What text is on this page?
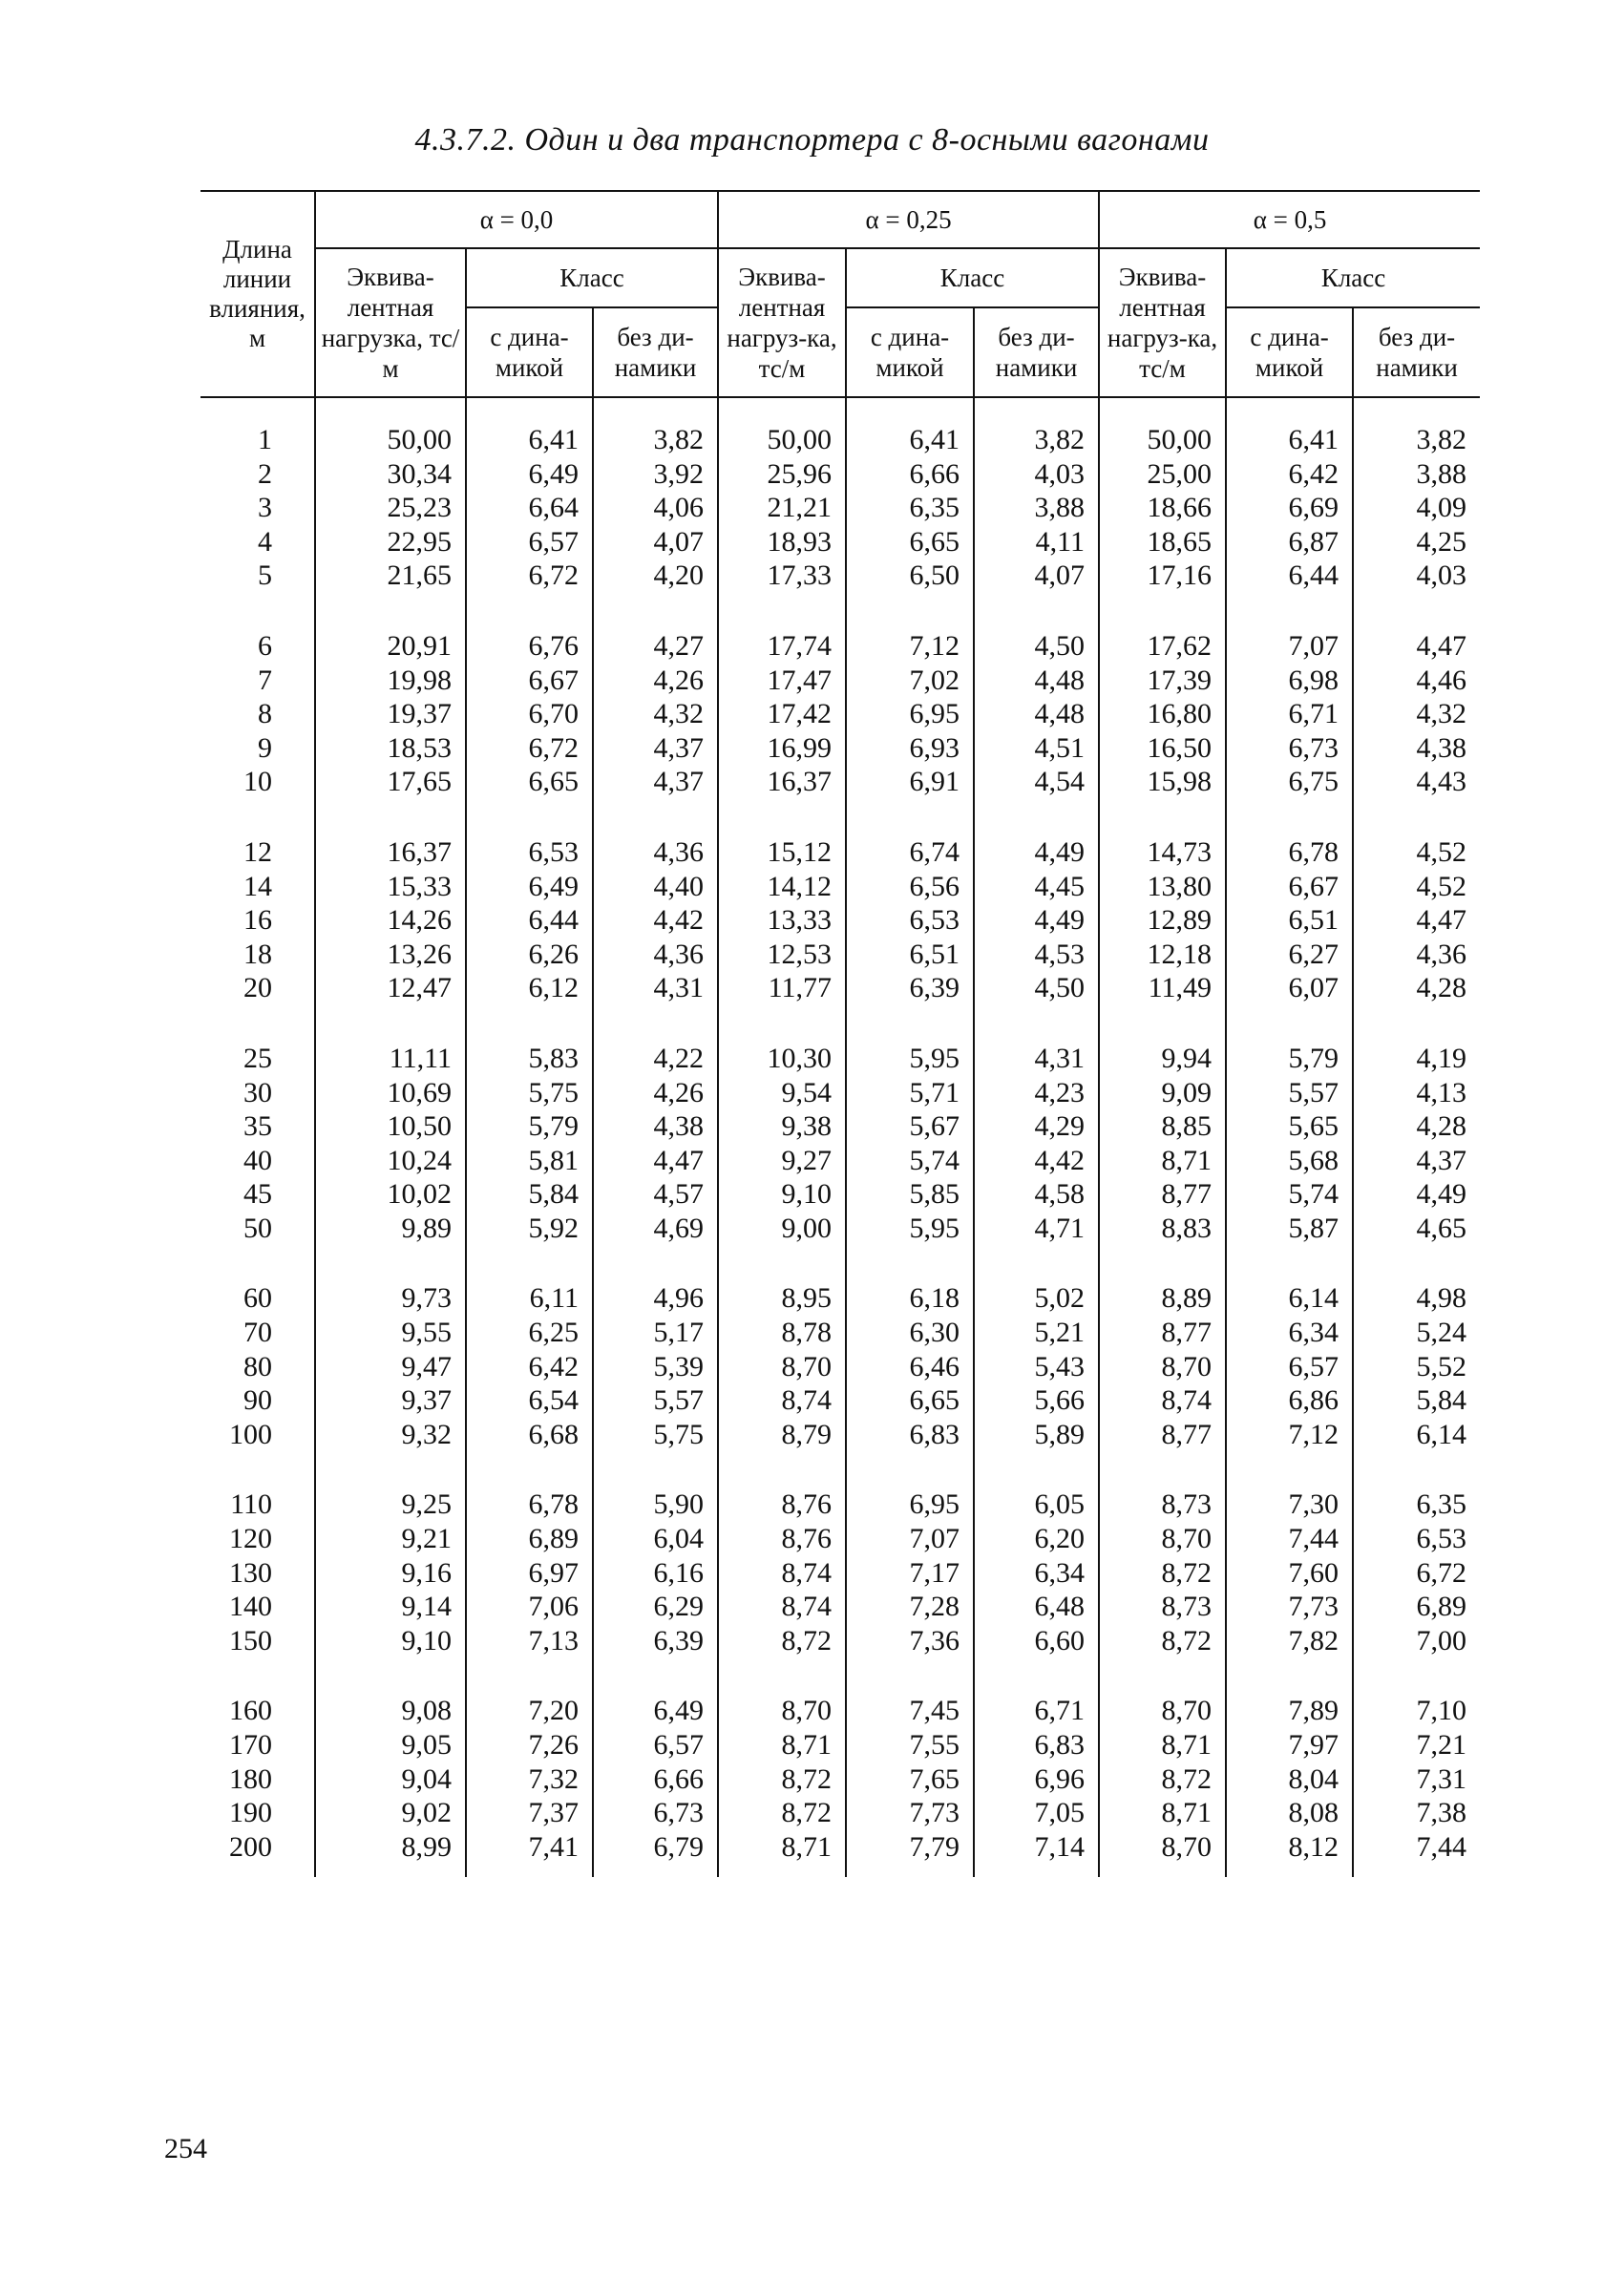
4.3.7.2. Один и два транспортера с 8-осными вагонами
Длина линии влияния, м	α = 0,0			α = 0,25			α = 0,5		
	Эквива-лентная нагрузка, тс/м	Класс		Эквива-лентная нагруз-ка, тс/м	Класс		Эквива-лентная нагруз-ка, тс/м	Класс	
		с дина-микой	без ди-намики		с дина-микой	без ди-намики		с дина-микой	без ди-намики
1	50,00	6,41	3,82	50,00	6,41	3,82	50,00	6,41	3,82
2	30,34	6,49	3,92	25,96	6,66	4,03	25,00	6,42	3,88
3	25,23	6,64	4,06	21,21	6,35	3,88	18,66	6,69	4,09
4	22,95	6,57	4,07	18,93	6,65	4,11	18,65	6,87	4,25
5	21,65	6,72	4,20	17,33	6,50	4,07	17,16	6,44	4,03
6	20,91	6,76	4,27	17,74	7,12	4,50	17,62	7,07	4,47
7	19,98	6,67	4,26	17,47	7,02	4,48	17,39	6,98	4,46
8	19,37	6,70	4,32	17,42	6,95	4,48	16,80	6,71	4,32
9	18,53	6,72	4,37	16,99	6,93	4,51	16,50	6,73	4,38
10	17,65	6,65	4,37	16,37	6,91	4,54	15,98	6,75	4,43
12	16,37	6,53	4,36	15,12	6,74	4,49	14,73	6,78	4,52
14	15,33	6,49	4,40	14,12	6,56	4,45	13,80	6,67	4,52
16	14,26	6,44	4,42	13,33	6,53	4,49	12,89	6,51	4,47
18	13,26	6,26	4,36	12,53	6,51	4,53	12,18	6,27	4,36
20	12,47	6,12	4,31	11,77	6,39	4,50	11,49	6,07	4,28
25	11,11	5,83	4,22	10,30	5,95	4,31	9,94	5,79	4,19
30	10,69	5,75	4,26	9,54	5,71	4,23	9,09	5,57	4,13
35	10,50	5,79	4,38	9,38	5,67	4,29	8,85	5,65	4,28
40	10,24	5,81	4,47	9,27	5,74	4,42	8,71	5,68	4,37
45	10,02	5,84	4,57	9,10	5,85	4,58	8,77	5,74	4,49
50	9,89	5,92	4,69	9,00	5,95	4,71	8,83	5,87	4,65
60	9,73	6,11	4,96	8,95	6,18	5,02	8,89	6,14	4,98
70	9,55	6,25	5,17	8,78	6,30	5,21	8,77	6,34	5,24
80	9,47	6,42	5,39	8,70	6,46	5,43	8,70	6,57	5,52
90	9,37	6,54	5,57	8,74	6,65	5,66	8,74	6,86	5,84
100	9,32	6,68	5,75	8,79	6,83	5,89	8,77	7,12	6,14
110	9,25	6,78	5,90	8,76	6,95	6,05	8,73	7,30	6,35
120	9,21	6,89	6,04	8,76	7,07	6,20	8,70	7,44	6,53
130	9,16	6,97	6,16	8,74	7,17	6,34	8,72	7,60	6,72
140	9,14	7,06	6,29	8,74	7,28	6,48	8,73	7,73	6,89
150	9,10	7,13	6,39	8,72	7,36	6,60	8,72	7,82	7,00
160	9,08	7,20	6,49	8,70	7,45	6,71	8,70	7,89	7,10
170	9,05	7,26	6,57	8,71	7,55	6,83	8,71	7,97	7,21
180	9,04	7,32	6,66	8,72	7,65	6,96	8,72	8,04	7,31
190	9,02	7,37	6,73	8,72	7,73	7,05	8,71	8,08	7,38
200	8,99	7,41	6,79	8,71	7,79	7,14	8,70	8,12	7,44
254
